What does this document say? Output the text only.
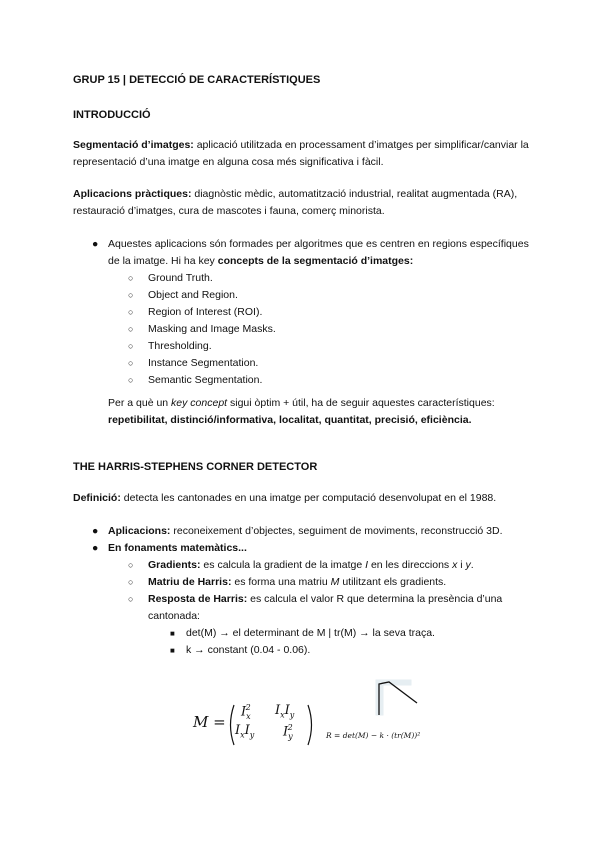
GRUP 15 | DETECCIÓ DE CARACTERÍSTIQUES
INTRODUCCIÓ

Segmentació d’imatges: aplicació utilitzada en processament d’imatges per simplificar/canviar la representació d’una imatge en alguna cosa més significativa i fàcil.

Aplicacions pràctiques: diagnòstic mèdic, automatització industrial, realitat augmentada (RA), restauració d’imatges, cura de mascotes i fauna, comerç minorista.

● Aquestes aplicacions són formades per algoritmes que es centren en regions específiques de la imatge. Hi ha key concepts de la segmentació d’imatges:
○ Ground Truth.
○ Object and Region.
○ Region of Interest (ROI).
○ Masking and Image Masks.
○ Thresholding.
○ Instance Segmentation.
○ Semantic Segmentation.

Per a què un key concept sigui òptim + útil, ha de seguir aquestes característiques:
repetibilitat, distinció/informativa, localitat, quantitat, precisió, eficiència.

THE HARRIS-STEPHENS CORNER DETECTOR

Definició: detecta les cantonades en una imatge per computació desenvolupat en el 1988.

● Aplicacions: reconeixement d’objectes, seguiment de moviments, reconstrucció 3D.
● En fonaments matemàtics...
○ Gradients: es calcula la gradient de la imatge I en les direccions x i y.
○ Matriu de Harris: es forma una matriu M utilitzant els gradients.
○ Resposta de Harris: es calcula el valor R que determina la presència d’una cantonada:
■ det(M) → el determinant de M | tr(M) → la seva traça.
■ k → constant (0.04 - 0.06).
M =
$I_x^2$ $I_xI_y$
$I_xI_y$ $I_y^2$
R = det(M) − k · (tr(M))²
